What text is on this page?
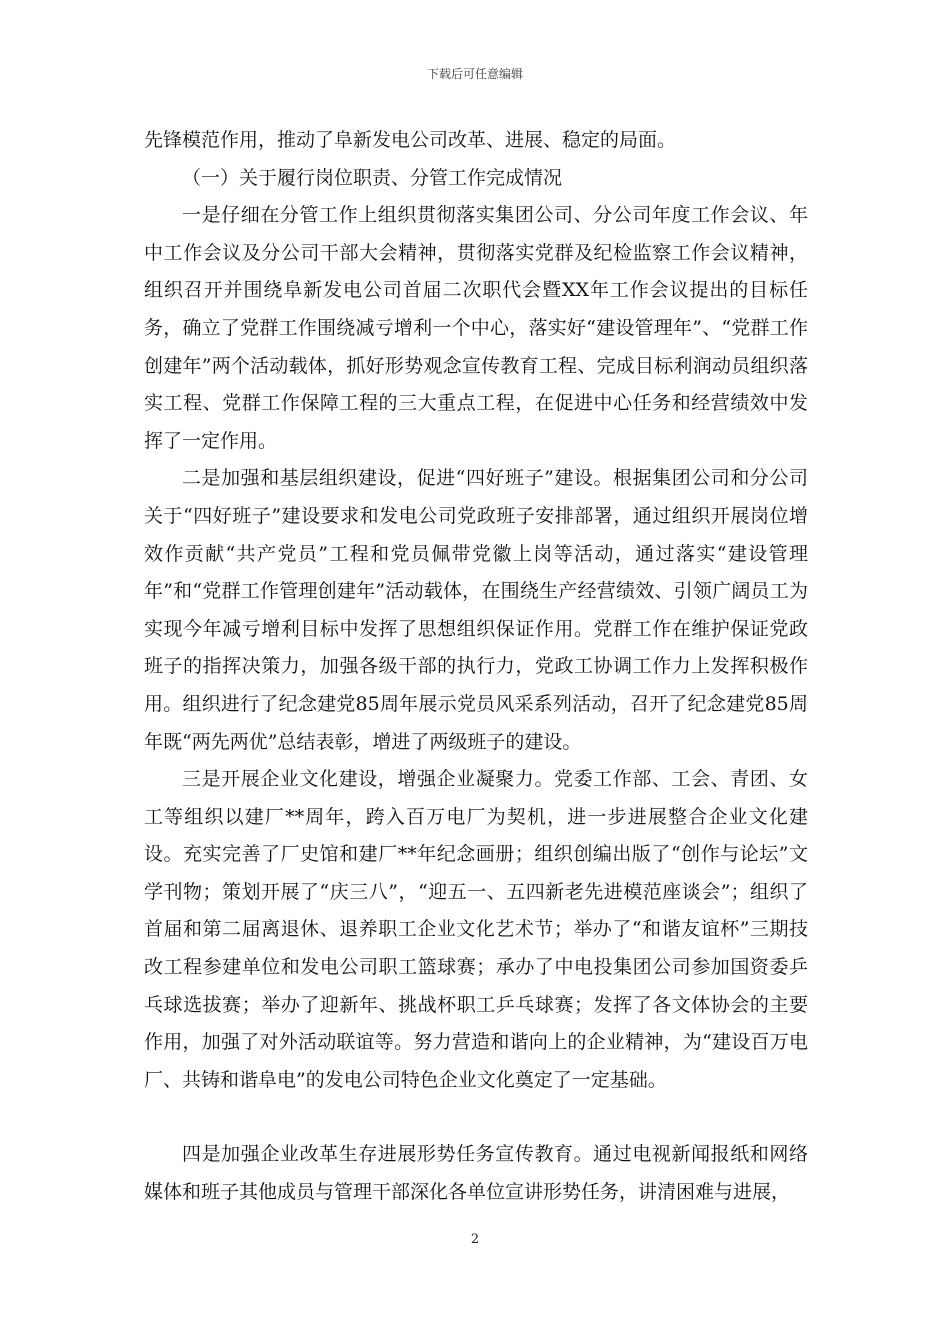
下载后可任意编辑

先锋模范作用，推动了阜新发电公司改革、进展、稳定的局面。

（一）关于履行岗位职责、分管工作完成情况

一是仔细在分管工作上组织贯彻落实集团公司、分公司年度工作会议、年中工作会议及分公司干部大会精神，贯彻落实党群及纪检监察工作会议精神，组织召开并围绕阜新发电公司首届二次职代会暨XX年工作会议提出的目标任务，确立了党群工作围绕减亏增利一个中心，落实好“建设管理年”、“党群工作创建年”两个活动载体，抓好形势观念宣传教育工程、完成目标利润动员组织落实工程、党群工作保障工程的三大重点工程，在促进中心任务和经营绩效中发挥了一定作用。

二是加强和基层组织建设，促进“四好班子”建设。根据集团公司和分公司关于“四好班子”建设要求和发电公司党政班子安排部署，通过组织开展岗位增效作贡献“共产党员”工程和党员佩带党徽上岗等活动，通过落实“建设管理年”和“党群工作管理创建年”活动载体，在围绕生产经营绩效、引领广阔员工为实现今年减亏增利目标中发挥了思想组织保证作用。党群工作在维护保证党政班子的指挥决策力，加强各级干部的执行力，党政工协调工作力上发挥积极作用。组织进行了纪念建党85周年展示党员风采系列活动，召开了纪念建党85周年既“两先两优”总结表彰，增进了两级班子的建设。

三是开展企业文化建设，增强企业凝聚力。党委工作部、工会、青团、女工等组织以建厂**周年，跨入百万电厂为契机，进一步进展整合企业文化建设。充实完善了厂史馆和建厂**年纪念画册；组织创编出版了“创作与论坛”文学刊物；策划开展了“庆三八”，“迎五一、五四新老先进模范座谈会”；组织了首届和第二届离退休、退养职工企业文化艺术节；举办了“和谐友谊杯”三期技改工程参建单位和发电公司职工篮球赛；承办了中电投集团公司参加国资委乒乓球选拔赛；举办了迎新年、挑战杯职工乒乓球赛；发挥了各文体协会的主要作用，加强了对外活动联谊等。努力营造和谐向上的企业精神，为“建设百万电厂、共铸和谐阜电”的发电公司特色企业文化奠定了一定基础。

四是加强企业改革生存进展形势任务宣传教育。通过电视新闻报纸和网络媒体和班子其他成员与管理干部深化各单位宣讲形势任务，讲清困难与进展，

2
